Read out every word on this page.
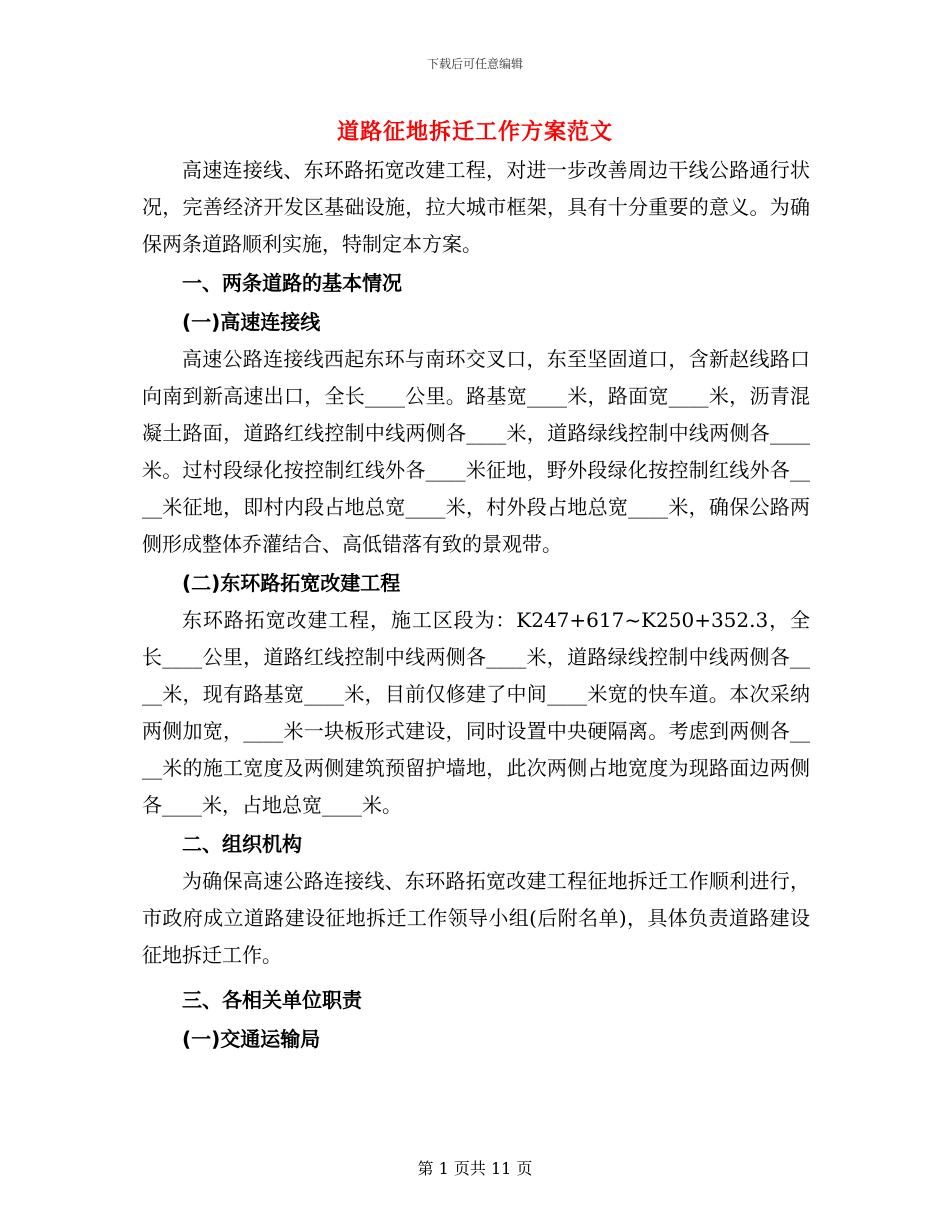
下载后可任意编辑
道路征地拆迁工作方案范文

高速连接线、东环路拓宽改建工程，对进一步改善周边干线公路通行状况，完善经济开发区基础设施，拉大城市框架，具有十分重要的意义。为确保两条道路顺利实施，特制定本方案。

一、两条道路的基本情况

(一)高速连接线

高速公路连接线西起东环与南环交叉口，东至坚固道口，含新赵线路口向南到新高速出口，全长____公里。路基宽____米，路面宽____米，沥青混凝土路面，道路红线控制中线两侧各____米，道路绿线控制中线两侧各____米。过村段绿化按控制红线外各____米征地，野外段绿化按控制红线外各____米征地，即村内段占地总宽____米，村外段占地总宽____米，确保公路两侧形成整体乔灌结合、高低错落有致的景观带。

(二)东环路拓宽改建工程

东环路拓宽改建工程，施工区段为：K247+617~K250+352.3，全长____公里，道路红线控制中线两侧各____米，道路绿线控制中线两侧各____米，现有路基宽____米，目前仅修建了中间____米宽的快车道。本次采纳两侧加宽，____米一块板形式建设，同时设置中央硬隔离。考虑到两侧各____米的施工宽度及两侧建筑预留护墙地，此次两侧占地宽度为现路面边两侧各____米，占地总宽____米。

二、组织机构

为确保高速公路连接线、东环路拓宽改建工程征地拆迁工作顺利进行，市政府成立道路建设征地拆迁工作领导小组(后附名单)，具体负责道路建设征地拆迁工作。

三、各相关单位职责

(一)交通运输局

第 1 页共 11 页
